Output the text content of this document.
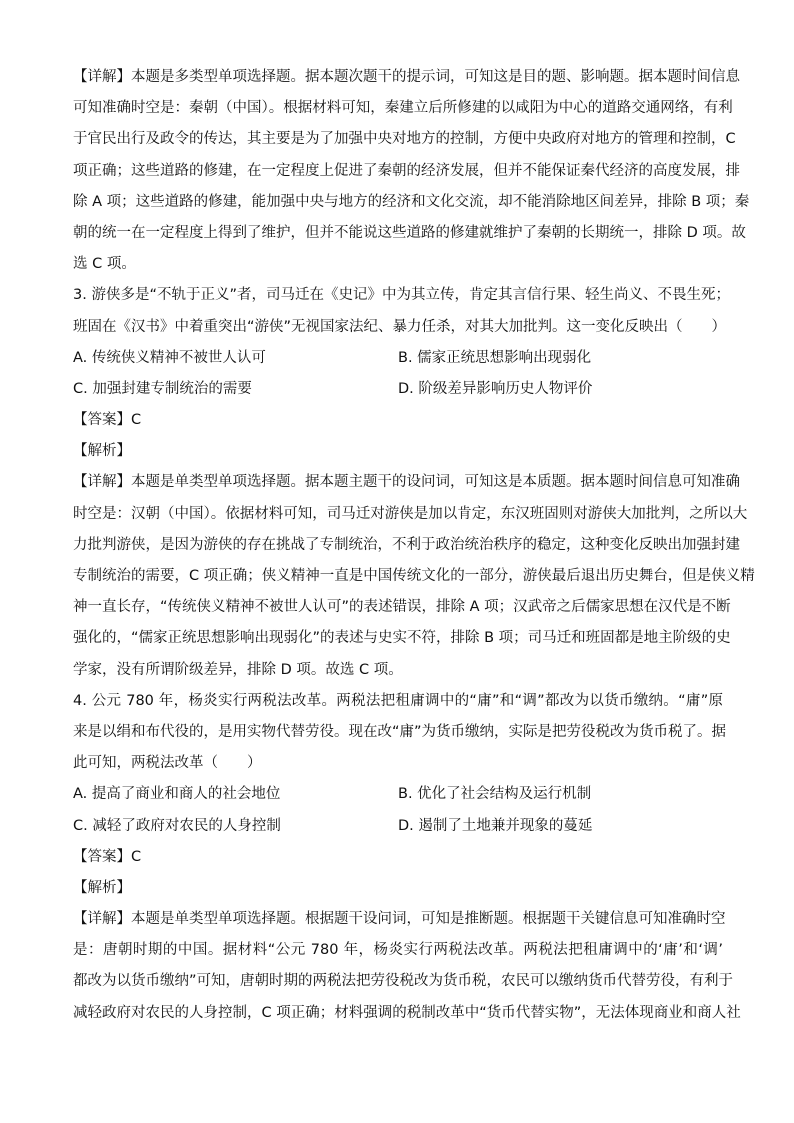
【详解】本题是多类型单项选择题。据本题次题干的提示词，可知这是目的题、影响题。据本题时间信息
可知准确时空是：秦朝（中国）。根据材料可知，秦建立后所修建的以咸阳为中心的道路交通网络，有利
于官民出行及政令的传达，其主要是为了加强中央对地方的控制，方便中央政府对地方的管理和控制，C
项正确；这些道路的修建，在一定程度上促进了秦朝的经济发展，但并不能保证秦代经济的高度发展，排
除 A 项；这些道路的修建，能加强中央与地方的经济和文化交流，却不能消除地区间差异，排除 B 项；秦
朝的统一在一定程度上得到了维护，但并不能说这些道路的修建就维护了秦朝的长期统一，排除 D 项。故
选 C 项。
3. 游侠多是“不轨于正义”者，司马迁在《史记》中为其立传，肯定其言信行果、轻生尚义、不畏生死；
班固在《汉书》中着重突出“游侠”无视国家法纪、暴力任杀，对其大加批判。这一变化反映出（　　）
A. 传统侠义精神不被世人认可	B. 儒家正统思想影响出现弱化
C. 加强封建专制统治的需要	D. 阶级差异影响历史人物评价
【答案】C
【解析】
【详解】本题是单类型单项选择题。据本题主题干的设问词，可知这是本质题。据本题时间信息可知准确
时空是：汉朝（中国）。依据材料可知，司马迁对游侠是加以肯定，东汉班固则对游侠大加批判，之所以大
力批判游侠，是因为游侠的存在挑战了专制统治，不利于政治统治秩序的稳定，这种变化反映出加强封建
专制统治的需要，C 项正确；侠义精神一直是中国传统文化的一部分，游侠最后退出历史舞台，但是侠义精
神一直长存，“传统侠义精神不被世人认可”的表述错误，排除 A 项；汉武帝之后儒家思想在汉代是不断
强化的，“儒家正统思想影响出现弱化”的表述与史实不符，排除 B 项；司马迁和班固都是地主阶级的史
学家，没有所谓阶级差异，排除 D 项。故选 C 项。
4. 公元 780 年，杨炎实行两税法改革。两税法把租庸调中的“庸”和“调”都改为以货币缴纳。“庸”原
来是以绢和布代役的，是用实物代替劳役。现在改“庸”为货币缴纳，实际是把劳役税改为货币税了。据
此可知，两税法改革（　　）
A. 提高了商业和商人的社会地位	B. 优化了社会结构及运行机制
C. 减轻了政府对农民的人身控制	D. 遏制了土地兼并现象的蔓延
【答案】C
【解析】
【详解】本题是单类型单项选择题。根据题干设问词，可知是推断题。根据题干关键信息可知准确时空
是：唐朝时期的中国。据材料“公元 780 年，杨炎实行两税法改革。两税法把租庸调中的‘庸’和‘调’
都改为以货币缴纳”可知，唐朝时期的两税法把劳役税改为货币税，农民可以缴纳货币代替劳役，有利于
减轻政府对农民的人身控制，C 项正确；材料强调的税制改革中“货币代替实物”，无法体现商业和商人社
